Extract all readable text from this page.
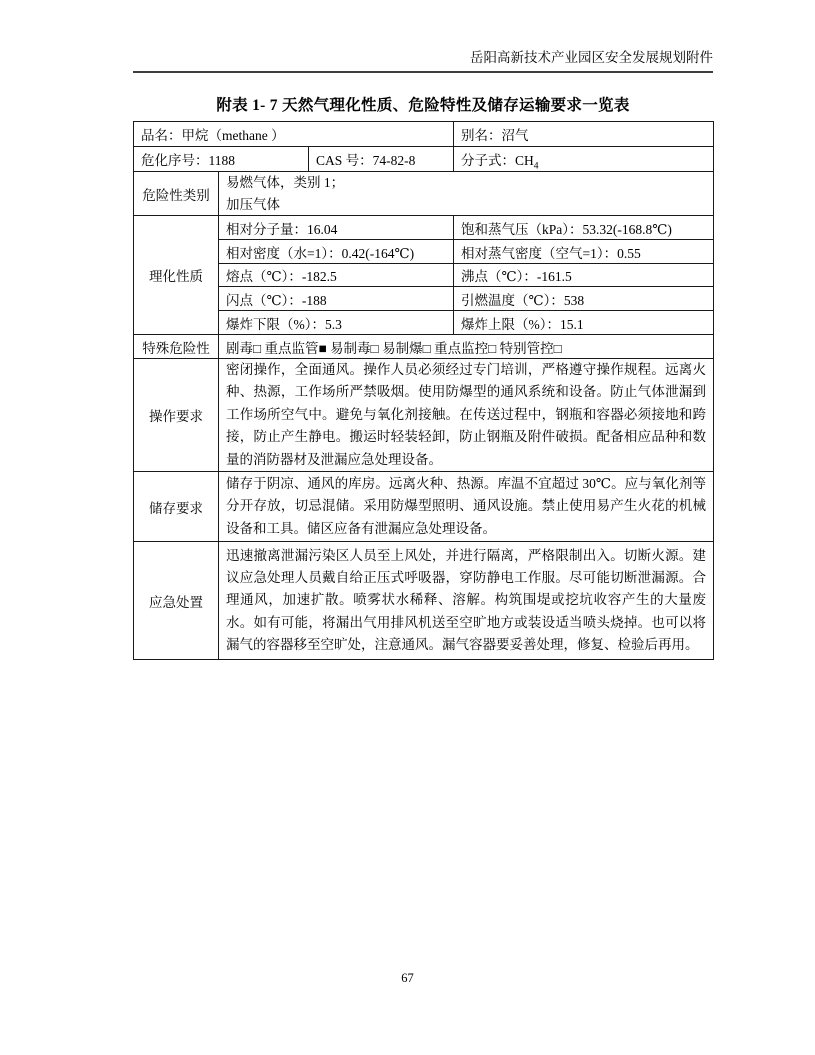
岳阳高新技术产业园区安全发展规划附件
附表 1- 7 天然气理化性质、危险特性及储存运输要求一览表
品名：甲烷（methane ）			别名：沼气
危化序号：1188		CAS 号：74-82-8	分子式：$CH_4$
危险性类别	易燃气体，类别 1；
加压气体		

理化性质	相对分子量：16.04		饱和蒸气压（kPa）：53.32(-168.8℃)
	相对密度（水=1）：0.42(-164℃)		相对蒸气密度（空气=1）：0.55
	熔点（℃）：-182.5		沸点（℃）：-161.5
	闪点（℃）：-188		引燃温度（℃）：538
	爆炸下限（%）：5.3		爆炸上限（%）：15.1
特殊危险性	剧毒□ 重点监管■ 易制毒□ 易制爆□ 重点监控□ 特别管控□		
操作要求	密闭操作，全面通风。操作人员必须经过专门培训，严格遵守操作规程。远离火种、热源，工作场所严禁吸烟。使用防爆型的通风系统和设备。防止气体泄漏到工作场所空气中。避免与氧化剂接触。在传送过程中，钢瓶和容器必须接地和跨接，防止产生静电。搬运时轻装轻卸，防止钢瓶及附件破损。配备相应品种和数量的消防器材及泄漏应急处理设备。		
储存要求	储存于阴凉、通风的库房。远离火种、热源。库温不宜超过 30℃。应与氧化剂等分开存放，切忌混储。采用防爆型照明、通风设施。禁止使用易产生火花的机械设备和工具。储区应备有泄漏应急处理设备。		
应急处置	迅速撤离泄漏污染区人员至上风处，并进行隔离，严格限制出入。切断火源。建议应急处理人员戴自给正压式呼吸器，穿防静电工作服。尽可能切断泄漏源。合理通风，加速扩散。喷雾状水稀释、溶解。构筑围堤或挖坑收容产生的大量废水。如有可能，将漏出气用排风机送至空旷地方或装设适当喷头烧掉。也可以将漏气的容器移至空旷处，注意通风。漏气容器要妥善处理，修复、检验后再用。		
67
